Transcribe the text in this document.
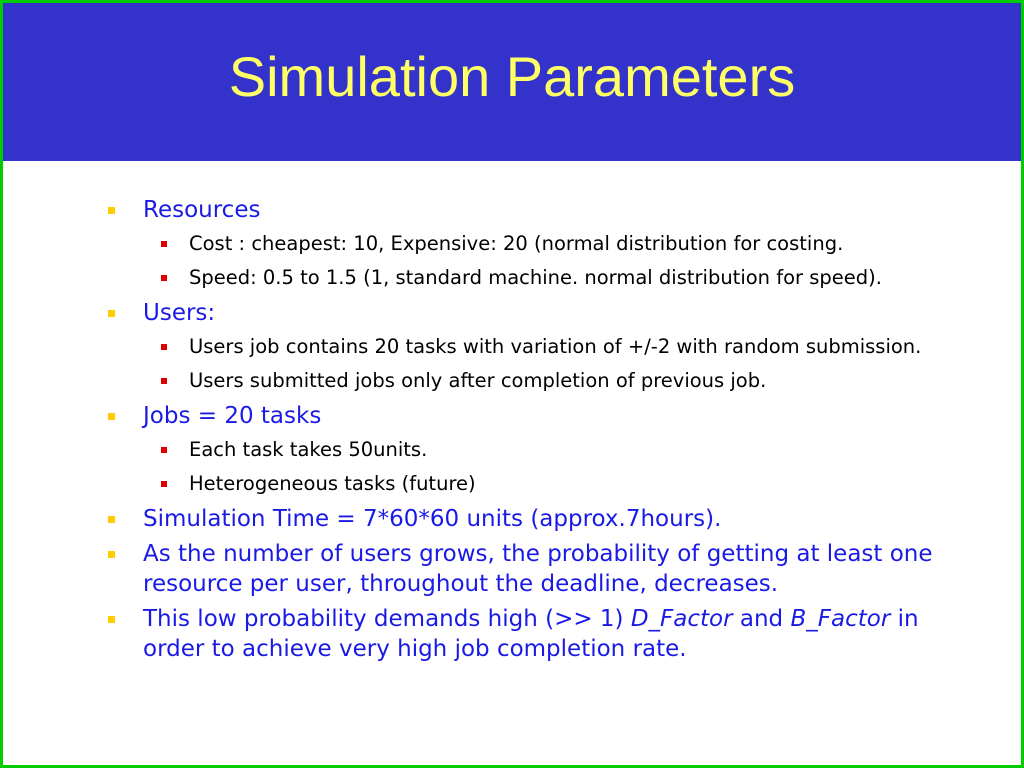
Simulation Parameters
Resources
Cost : cheapest: 10, Expensive: 20 (normal distribution for costing.
Speed: 0.5 to 1.5 (1, standard machine. normal distribution for speed).
Users:
Users job contains 20 tasks with variation of +/-2 with random submission.
Users submitted jobs only after completion of previous job.
Jobs = 20 tasks
Each task takes 50units.
Heterogeneous tasks (future)
Simulation Time = 7*60*60 units (approx.7hours).
As the number of users grows, the probability of getting at least one resource per user, throughout the deadline, decreases.
This low probability demands high (>> 1) D_Factor and B_Factor in order to achieve very high job completion rate.
